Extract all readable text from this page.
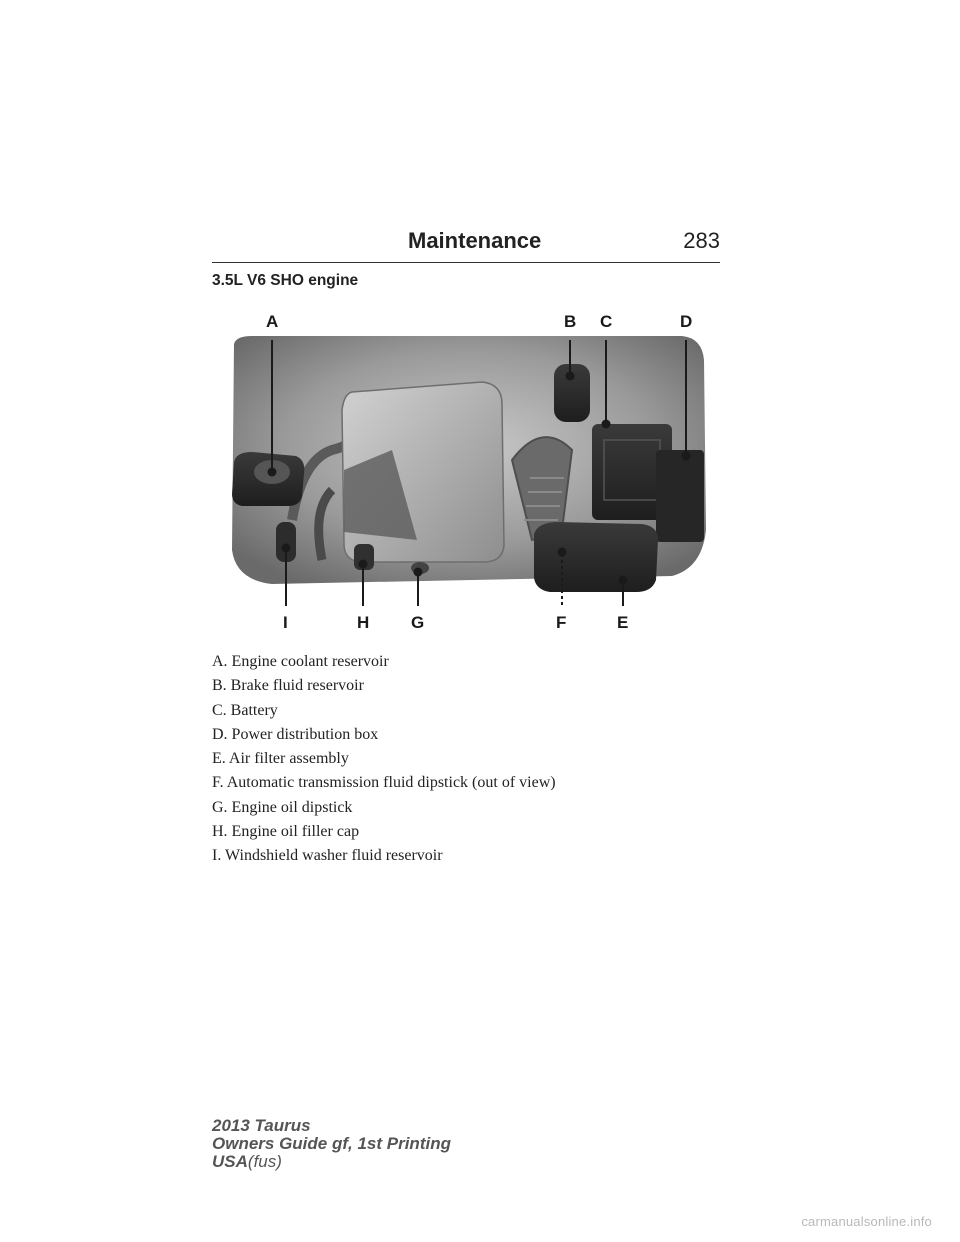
Maintenance	283
3.5L V6 SHO engine
A	B C	D
E
F
G
H
I
A. Engine coolant reservoir
B. Brake fluid reservoir
C. Battery
D. Power distribution box
E. Air filter assembly
F. Automatic transmission fluid dipstick (out of view)
G. Engine oil dipstick
H. Engine oil filler cap
I. Windshield washer fluid reservoir
2013 Taurus
Owners Guide gf, 1st Printing
USA(fus)
carmanualsonline.info
